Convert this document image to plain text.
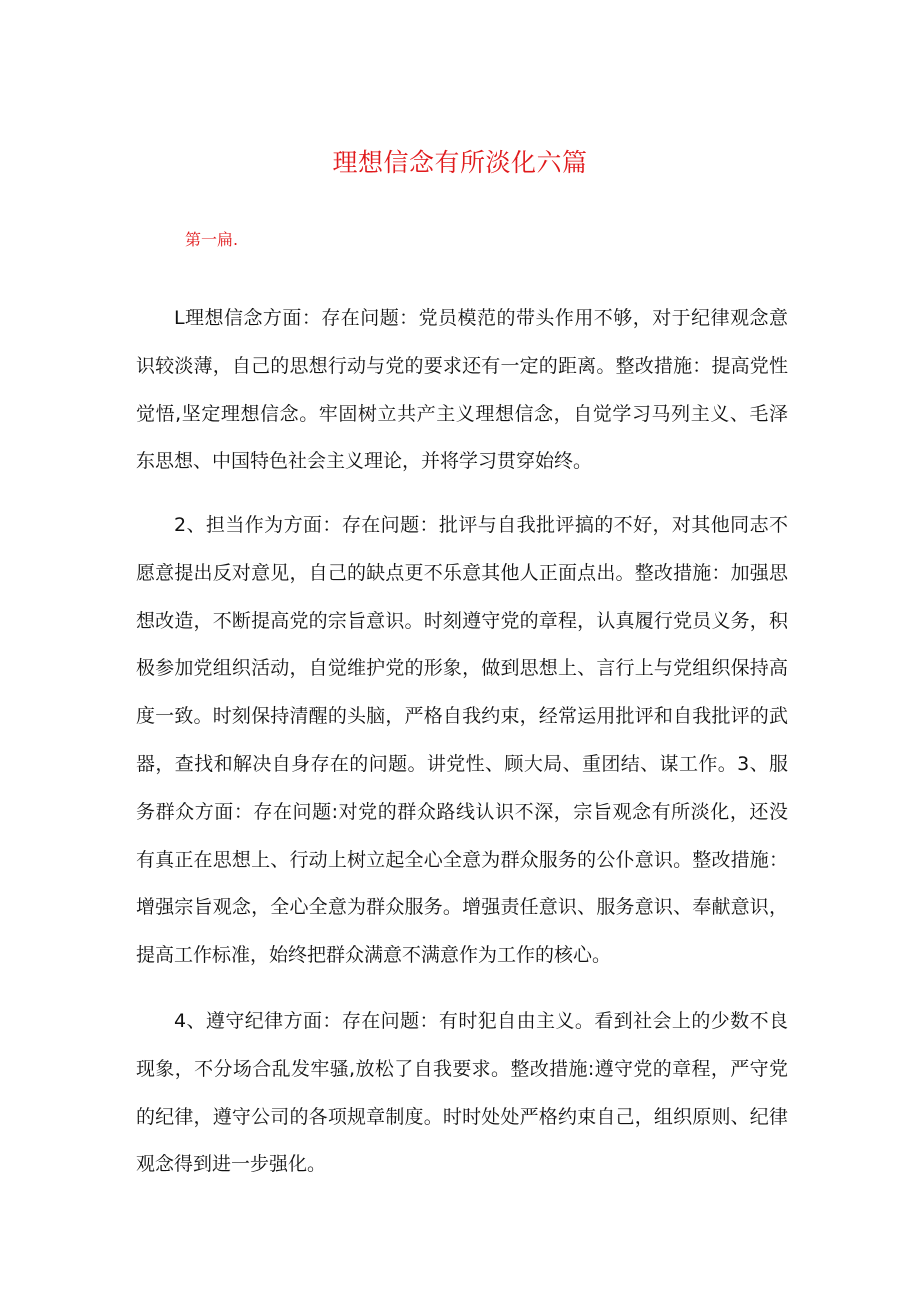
理想信念有所淡化六篇
第一扁.

L理想信念方面：存在问题：党员模范的带头作用不够，对于纪律观念意识较淡薄，自己的思想行动与党的要求还有一定的距离。整改措施：提高党性觉悟,坚定理想信念。牢固树立共产主义理想信念，自觉学习马列主义、毛泽东思想、中国特色社会主义理论，并将学习贯穿始终。

2、担当作为方面：存在问题：批评与自我批评搞的不好，对其他同志不愿意提出反对意见，自己的缺点更不乐意其他人正面点出。整改措施：加强思想改造，不断提高党的宗旨意识。时刻遵守党的章程，认真履行党员义务，积极参加党组织活动，自觉维护党的形象，做到思想上、言行上与党组织保持高度一致。时刻保持清醒的头脑，严格自我约束，经常运用批评和自我批评的武器，查找和解决自身存在的问题。讲党性、顾大局、重团结、谋工作。3、服务群众方面：存在问题:对党的群众路线认识不深，宗旨观念有所淡化，还没有真正在思想上、行动上树立起全心全意为群众服务的公仆意识。整改措施：增强宗旨观念，全心全意为群众服务。增强责任意识、服务意识、奉献意识，提高工作标准，始终把群众满意不满意作为工作的核心。

4、遵守纪律方面：存在问题：有时犯自由主义。看到社会上的少数不良现象，不分场合乱发牢骚,放松了自我要求。整改措施:遵守党的章程，严守党的纪律，遵守公司的各项规章制度。时时处处严格约束自己，组织原则、纪律观念得到进一步强化。
